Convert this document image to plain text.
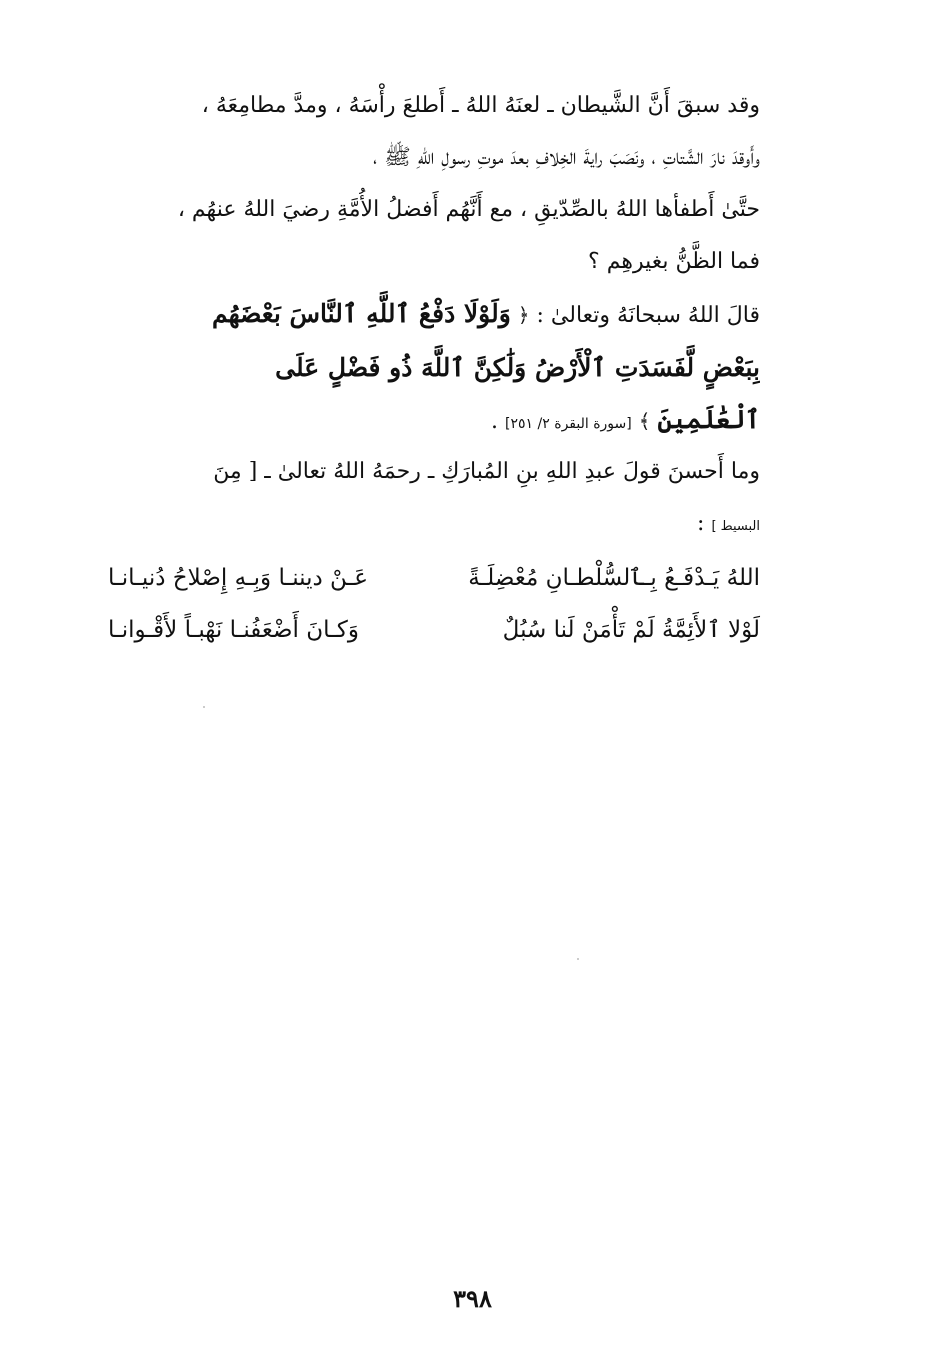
وقد سبقَ أَنَّ الشَّيطان ـ لعنَهُ اللهُ ـ أَطلعَ رأْسَهُ ، ومدَّ مطامِعَهُ ،
وأَوقدَ نارَ الشَّتاتِ ، ونَصَبَ رايةَ الخِلافِ بعدَ موتِ رسولِ اللهِ ﷺ ،
حتَّىٰ أَطفأها اللهُ بالصِّدّيقِ ، مع أَنَّهُم أَفضلُ الأُمَّةِ رضيَ اللهُ عنهُم ،
فما الظَّنُّ بغيرهِم ؟
قالَ اللهُ سبحانَهُ وتعالىٰ : ﴿ وَلَوْلَا دَفْعُ ٱللَّهِ ٱلنَّاسَ بَعْضَهُم
بِبَعْضٍ لَّفَسَدَتِ ٱلْأَرْضُ وَلَٰكِنَّ ٱللَّهَ ذُو فَضْلٍ عَلَى
ٱلْعَٰلَمِينَ ﴾ [سورة البقرة ٢/ ٢٥١] .
وما أَحسنَ قولَ عبدِ اللهِ بنِ المُبارَكِ ـ رحمَهُ اللهُ تعالىٰ ـ [ مِنَ
البسيط ] :
اللهُ يَـدْفَـعُ بِـٱلسُّلْطـانِ مُعْضِلَـةً
عَـنْ ديننـا وَبِـهِ إِصْلاحُ دُنيـانـا
لَوْلا ٱلأَئِمَّةُ لَمْ تَأْمَنْ لَنا سُبُلٌ
وَكـانَ أَضْعَفُنـا نَهْبـاً لأَقْـوانـا
٣٩٨
